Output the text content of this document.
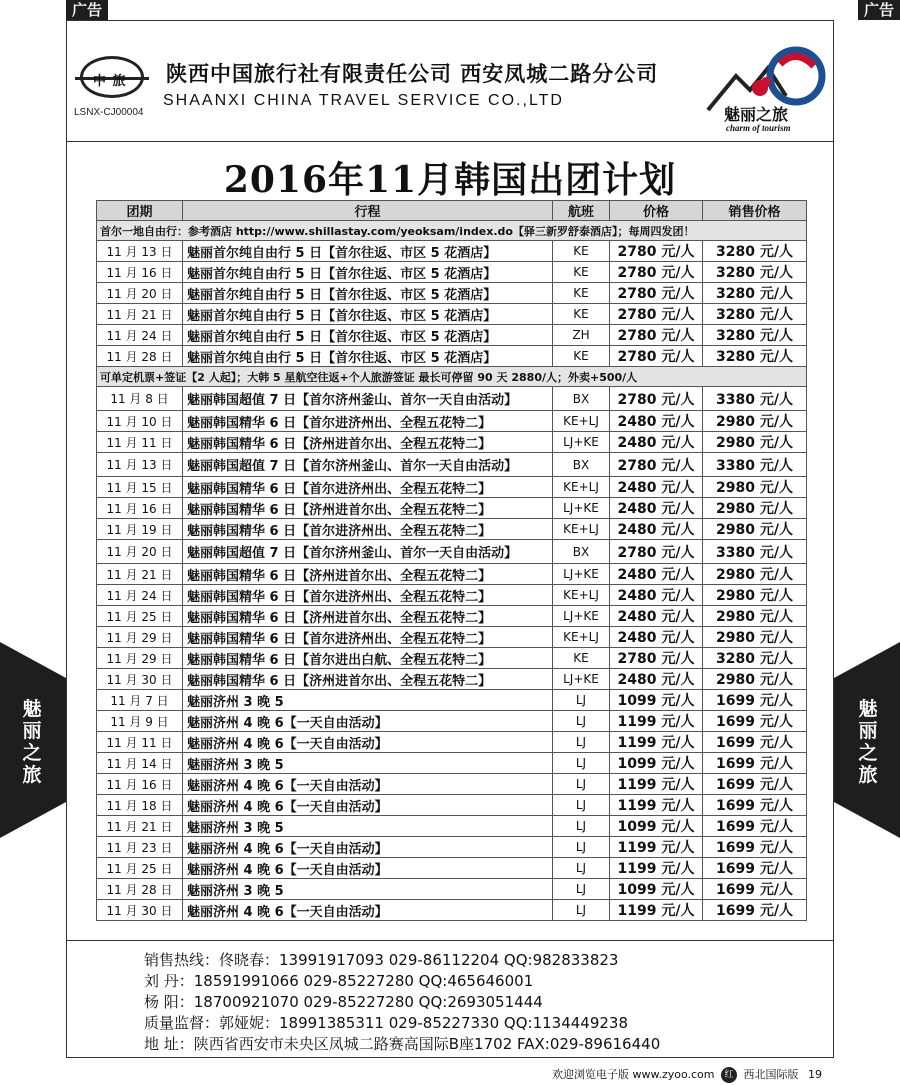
广告	广告
中 旅
LSNX-CJ00004
陕西中国旅行社有限责任公司 西安凤城二路分公司
SHAANXI CHINA TRAVEL SERVICE CO.,LTD
魅丽之旅
charm of tourism
2016年11月韩国出团计划
团期	行程	航班	价格	销售价格
首尔一地自由行：参考酒店 http://www.shillastay.com/yeoksam/index.do【驿三新罗舒泰酒店】；每周四发团！				
11 月 13 日	魅丽首尔纯自由行 5 日【首尔往返、市区 5 花酒店】	KE	2780 元/人	3280 元/人
11 月 16 日	魅丽首尔纯自由行 5 日【首尔往返、市区 5 花酒店】	KE	2780 元/人	3280 元/人
11 月 20 日	魅丽首尔纯自由行 5 日【首尔往返、市区 5 花酒店】	KE	2780 元/人	3280 元/人
11 月 21 日	魅丽首尔纯自由行 5 日【首尔往返、市区 5 花酒店】	KE	2780 元/人	3280 元/人
11 月 24 日	魅丽首尔纯自由行 5 日【首尔往返、市区 5 花酒店】	ZH	2780 元/人	3280 元/人
11 月 28 日	魅丽首尔纯自由行 5 日【首尔往返、市区 5 花酒店】	KE	2780 元/人	3280 元/人
可单定机票+签证【2 人起】；大韩 5 星航空往返+个人旅游签证 最长可停留 90 天 2880/人；外卖+500/人				
11 月 8 日	魅丽韩国超值 7 日【首尔济州釜山、首尔一天自由活动】	BX	2780 元/人	3380 元/人
11 月 10 日	魅丽韩国精华 6 日【首尔进济州出、全程五花特二】	KE+LJ	2480 元/人	2980 元/人
11 月 11 日	魅丽韩国精华 6 日【济州进首尔出、全程五花特二】	LJ+KE	2480 元/人	2980 元/人
11 月 13 日	魅丽韩国超值 7 日【首尔济州釜山、首尔一天自由活动】	BX	2780 元/人	3380 元/人
11 月 15 日	魅丽韩国精华 6 日【首尔进济州出、全程五花特二】	KE+LJ	2480 元/人	2980 元/人
11 月 16 日	魅丽韩国精华 6 日【济州进首尔出、全程五花特二】	LJ+KE	2480 元/人	2980 元/人
11 月 19 日	魅丽韩国精华 6 日【首尔进济州出、全程五花特二】	KE+LJ	2480 元/人	2980 元/人
11 月 20 日	魅丽韩国超值 7 日【首尔济州釜山、首尔一天自由活动】	BX	2780 元/人	3380 元/人
11 月 21 日	魅丽韩国精华 6 日【济州进首尔出、全程五花特二】	LJ+KE	2480 元/人	2980 元/人
11 月 24 日	魅丽韩国精华 6 日【首尔进济州出、全程五花特二】	KE+LJ	2480 元/人	2980 元/人
11 月 25 日	魅丽韩国精华 6 日【济州进首尔出、全程五花特二】	LJ+KE	2480 元/人	2980 元/人
11 月 29 日	魅丽韩国精华 6 日【首尔进济州出、全程五花特二】	KE+LJ	2480 元/人	2980 元/人
11 月 29 日	魅丽韩国精华 6 日【首尔进出白航、全程五花特二】	KE	2780 元/人	3280 元/人
11 月 30 日	魅丽韩国精华 6 日【济州进首尔出、全程五花特二】	LJ+KE	2480 元/人	2980 元/人
11 月 7 日	魅丽济州 3 晚 5	LJ	1099 元/人	1699 元/人
11 月 9 日	魅丽济州 4 晚 6【一天自由活动】	LJ	1199 元/人	1699 元/人
11 月 11 日	魅丽济州 4 晚 6【一天自由活动】	LJ	1199 元/人	1699 元/人
11 月 14 日	魅丽济州 3 晚 5	LJ	1099 元/人	1699 元/人
11 月 16 日	魅丽济州 4 晚 6【一天自由活动】	LJ	1199 元/人	1699 元/人
11 月 18 日	魅丽济州 4 晚 6【一天自由活动】	LJ	1199 元/人	1699 元/人
11 月 21 日	魅丽济州 3 晚 5	LJ	1099 元/人	1699 元/人
11 月 23 日	魅丽济州 4 晚 6【一天自由活动】	LJ	1199 元/人	1699 元/人
11 月 25 日	魅丽济州 4 晚 6【一天自由活动】	LJ	1199 元/人	1699 元/人
11 月 28 日	魅丽济州 3 晚 5	LJ	1099 元/人	1699 元/人
11 月 30 日	魅丽济州 4 晚 6【一天自由活动】	LJ	1199 元/人	1699 元/人
销售热线：佟晓春：13991917093 029-86112204 QQ:982833823
刘 丹：18591991066 029-85227280 QQ:465646001
杨 阳：18700921070 029-85227280 QQ:2693051444
质量监督：郭娅妮：18991385311 029-85227330 QQ:1134449238
地 址：陕西省西安市未央区凤城二路赛高国际B座1702 FAX:029-89616440
魅丽之旅
魅丽之旅
欢迎浏览电子版 www.zyoo.com 红 西北国际版 19
